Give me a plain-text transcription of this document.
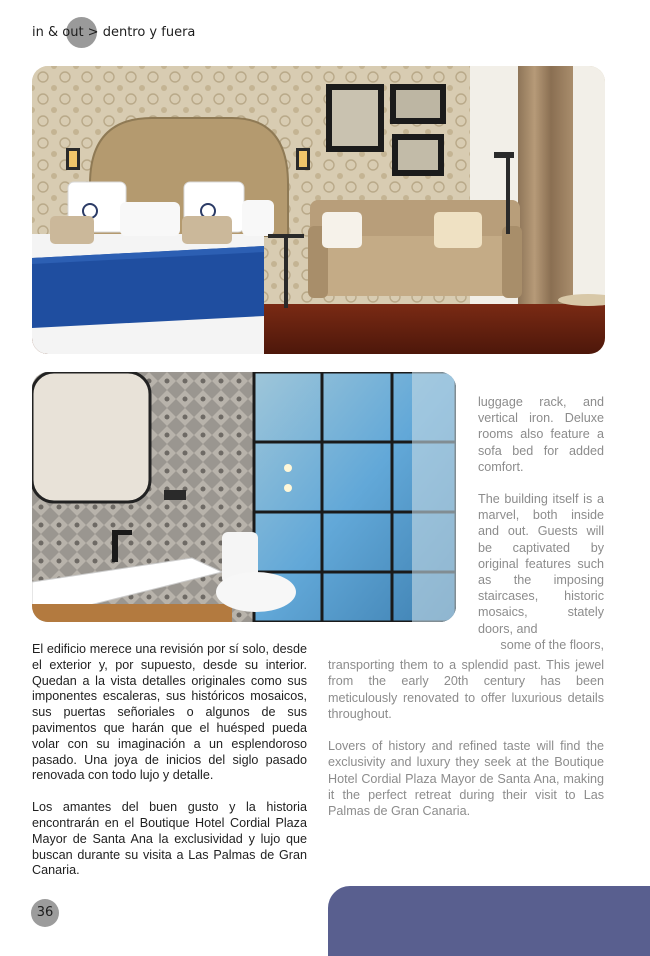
in & out > dentro y fuera

luggage rack, and vertical iron. Deluxe rooms also feature a sofa bed for added comfort.

The building itself is a marvel, both inside and out. Guests will be captivated by original features such as the imposing staircases, historic mosaics, stately doors, and

some of the floors,

transporting them to a splendid past. This jewel from the early 20th century has been meticulously renovated to offer luxurious details throughout.

Lovers of history and refined taste will find the exclusivity and luxury they seek at the Boutique Hotel Cordial Plaza Mayor de Santa Ana, making it the perfect retreat during their visit to Las Palmas de Gran Canaria.

El edificio merece una revisión por sí solo, desde el exterior y, por supuesto, desde su interior. Quedan a la vista detalles originales como sus imponentes escaleras, sus históricos mosaicos, sus puertas señoriales o algunos de sus pavimentos que harán que el huésped pueda volar con su imaginación a un esplendoroso pasado. Una joya de inicios del siglo pasado renovada con todo lujo y detalle.

Los amantes del buen gusto y la historia encontrarán en el Boutique Hotel Cordial Plaza Mayor de Santa Ana la exclusividad y lujo que buscan durante su visita a Las Palmas de Gran Canaria.

36
